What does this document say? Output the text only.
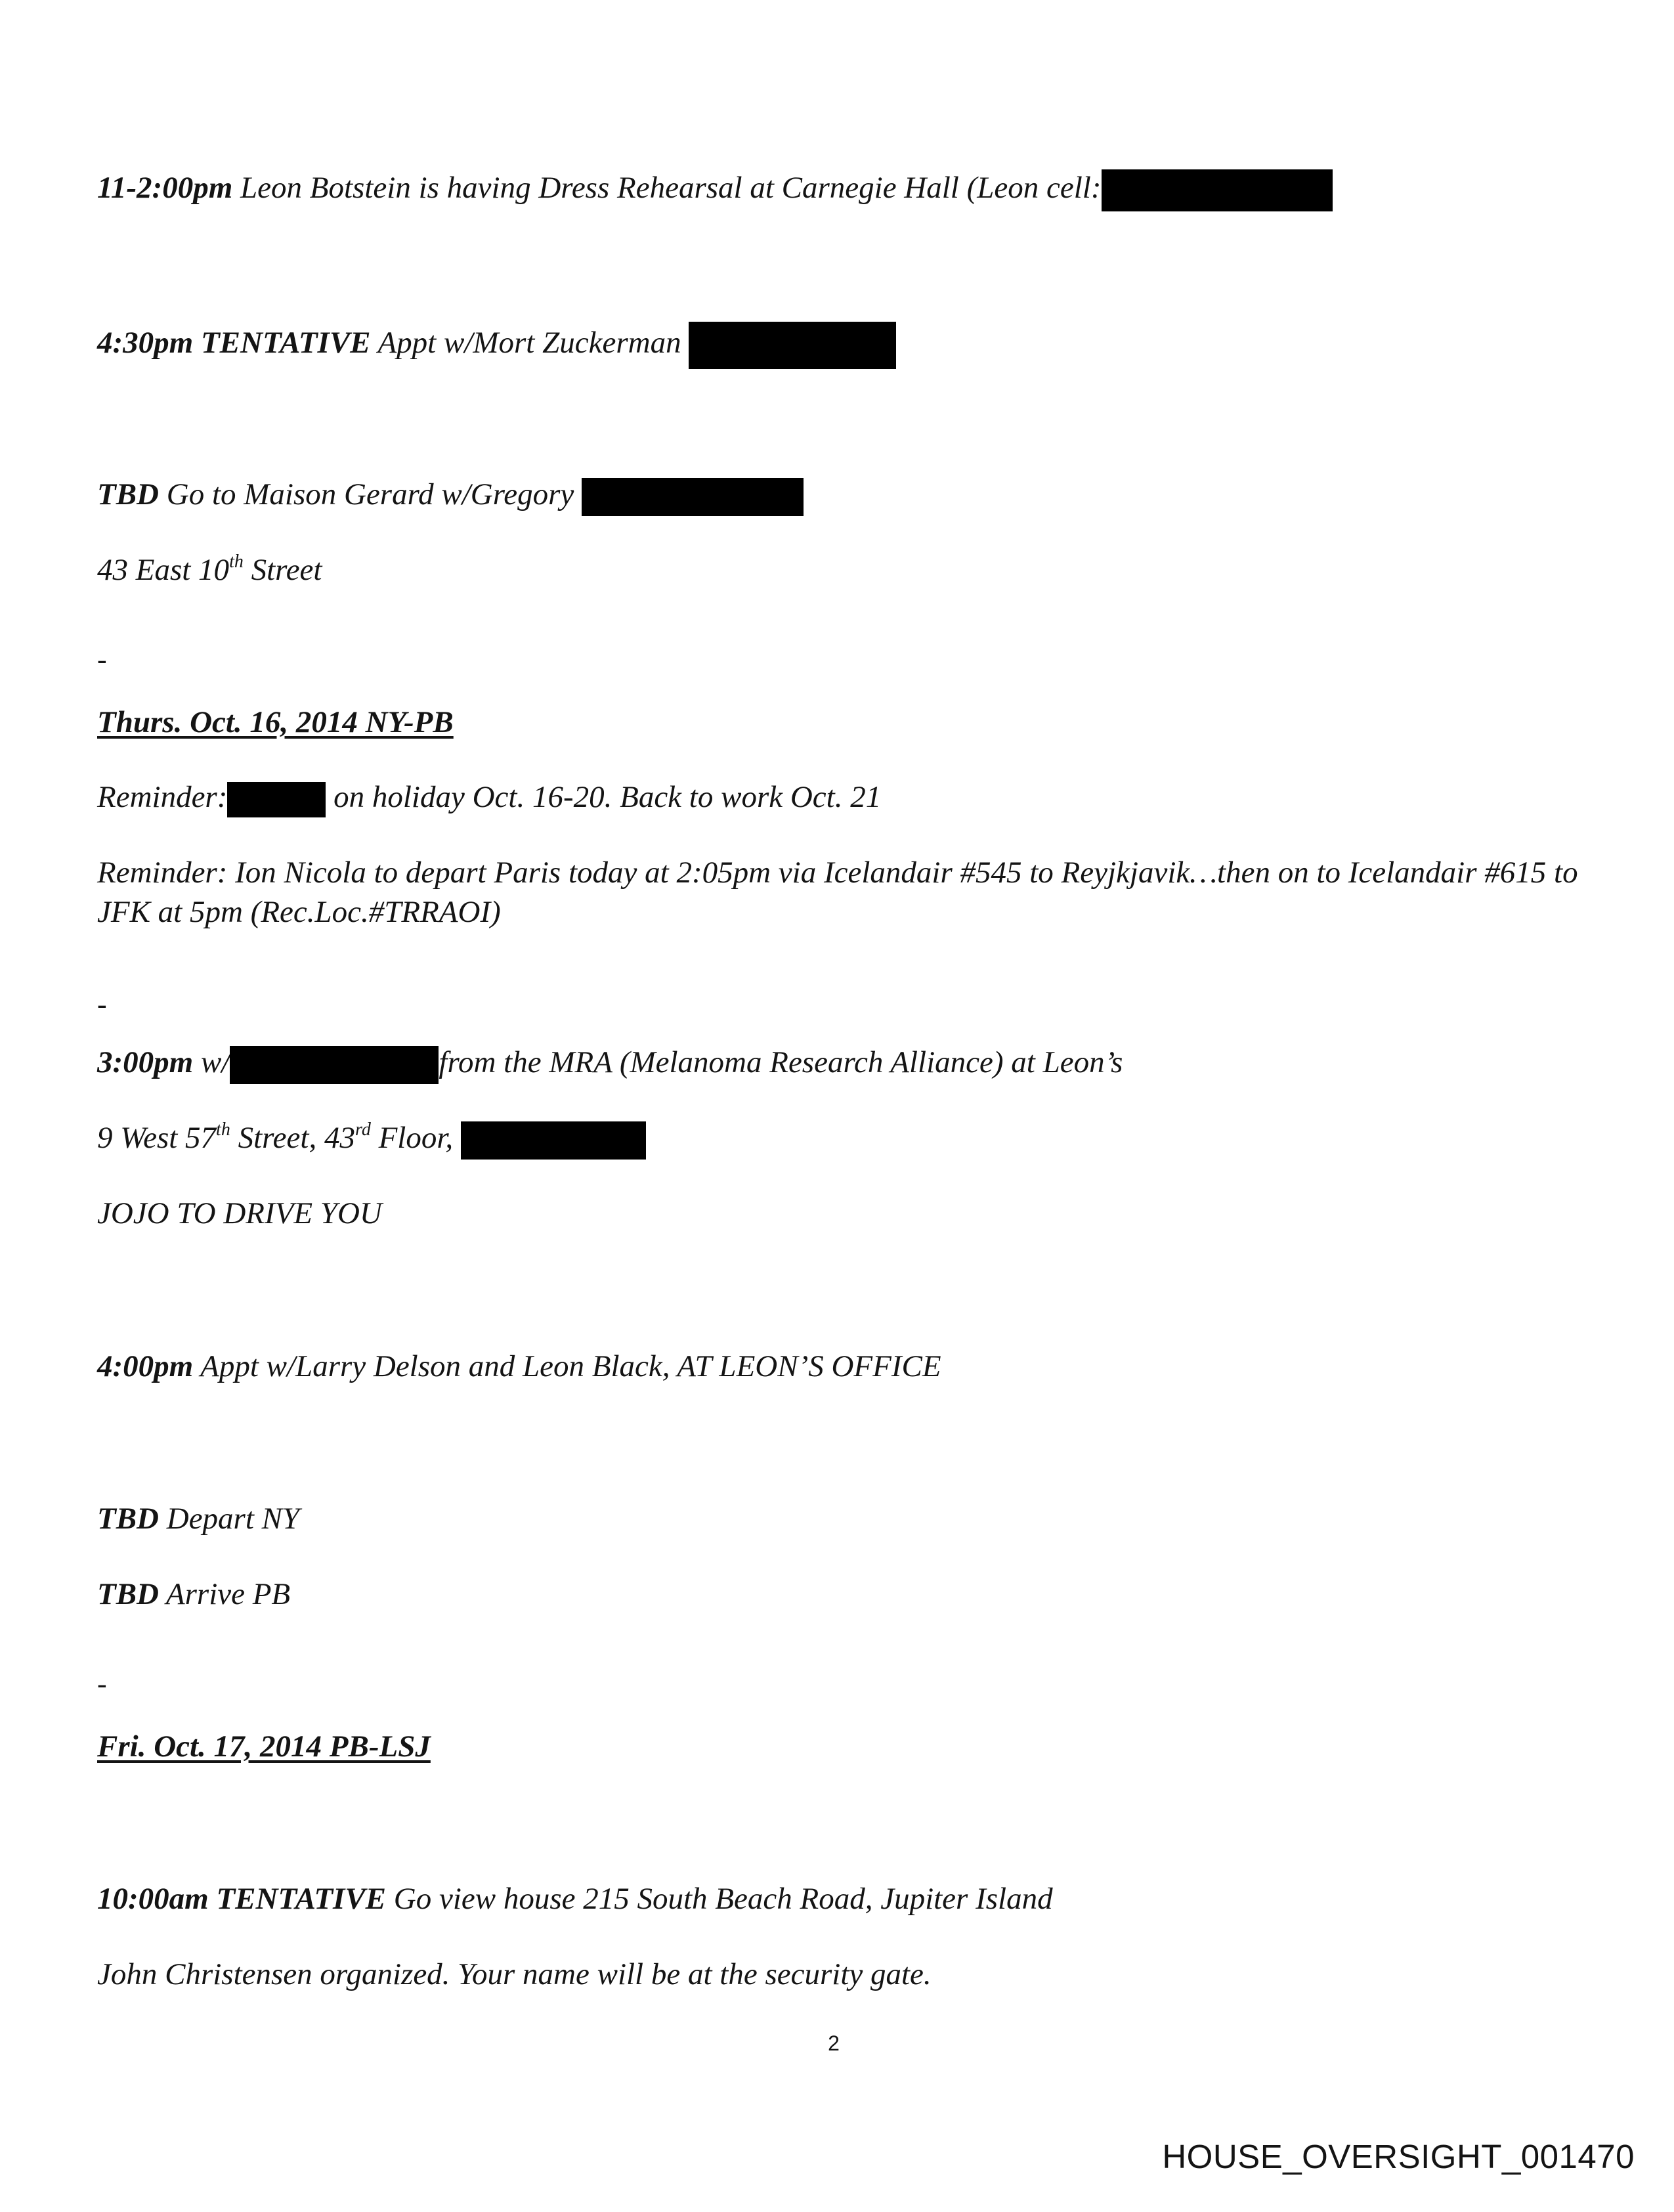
11-2:00pm Leon Botstein is having Dress Rehearsal at Carnegie Hall (Leon cell:
4:30pm TENTATIVE Appt w/Mort Zuckerman
TBD Go to Maison Gerard w/Gregory
43 East 10th Street
-
Thurs. Oct. 16, 2014 NY-PB
Reminder:	on holiday Oct. 16-20. Back to work Oct. 21
Reminder: Ion Nicola to depart Paris today at 2:05pm via Icelandair #545 to Reyjkjavik…then on to Icelandair #615 to JFK at 5pm (Rec.Loc.#TRRAOI)
-
3:00pm w/	from the MRA (Melanoma Research Alliance) at Leon’s
9 West 57th Street, 43rd Floor,
JOJO TO DRIVE YOU
4:00pm Appt w/Larry Delson and Leon Black, AT LEON’S OFFICE
TBD Depart NY
TBD Arrive PB
-
Fri. Oct. 17, 2014 PB-LSJ
10:00am TENTATIVE Go view house 215 South Beach Road, Jupiter Island
John Christensen organized. Your name will be at the security gate.
2
HOUSE_OVERSIGHT_001470
